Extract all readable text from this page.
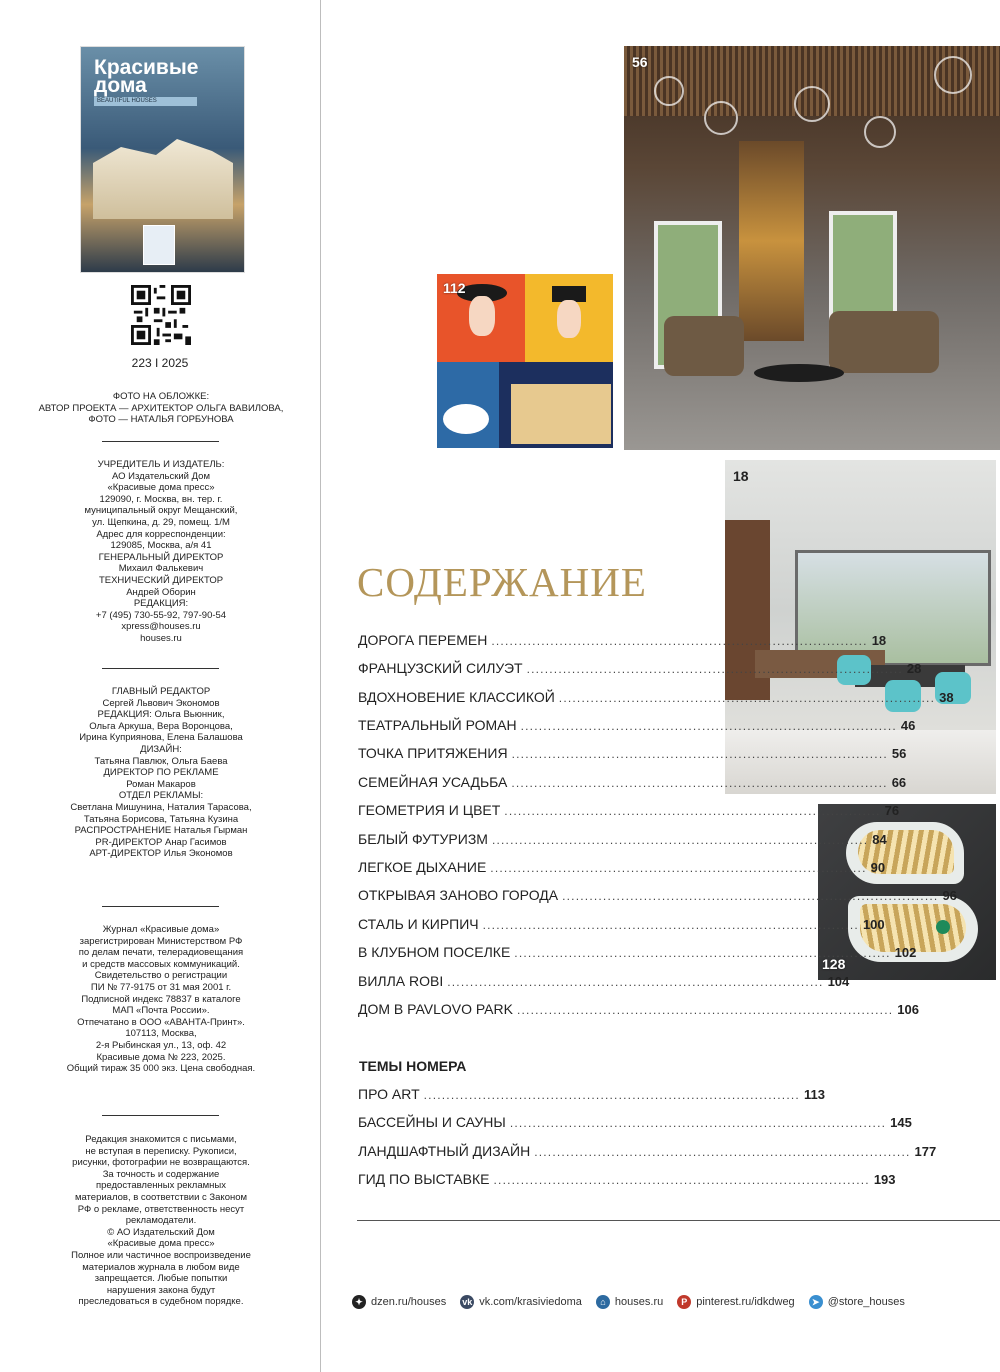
Красивые
дома
BEAUTIFUL HOUSES
223 I 2025

ФОТО НА ОБЛОЖКЕ:

АВТОР ПРОЕКТА — АРХИТЕКТОР ОЛЬГА ВАВИЛОВА,

ФОТО — НАТАЛЬЯ ГОРБУНОВА

УЧРЕДИТЕЛЬ И ИЗДАТЕЛЬ:

АО Издательский Дом

«Красивые дома пресс»

129090, г. Москва, вн. тер. г.

муниципальный округ Мещанский,

ул. Щепкина, д. 29, помещ. 1/М

Адрес для корреспонденции:

129085, Москва, а/я 41

ГЕНЕРАЛЬНЫЙ ДИРЕКТОР

Михаил Фалькевич

ТЕХНИЧЕСКИЙ ДИРЕКТОР

Андрей Оборин

РЕДАКЦИЯ:

+7 (495) 730-55-92, 797-90-54

xpress@houses.ru

houses.ru

ГЛАВНЫЙ РЕДАКТОР

Сергей Львович Экономов

РЕДАКЦИЯ: Ольга Вьюнник,

Ольга Аркуша, Вера Воронцова,

Ирина Куприянова, Елена Балашова

ДИЗАЙН:

Татьяна Павлюк, Ольга Баева

ДИРЕКТОР ПО РЕКЛАМЕ

Роман Макаров

ОТДЕЛ РЕКЛАМЫ:

Светлана Мишунина, Наталия Тарасова,

Татьяна Борисова, Татьяна Кузина

РАСПРОСТРАНЕНИЕ Наталья Гырман

PR-ДИРЕКТОР Анар Гасимов

АРТ-ДИРЕКТОР Илья Экономов

Журнал «Красивые дома»

зарегистрирован Министерством РФ

по делам печати, телерадиовещания

и средств массовых коммуникаций.

Свидетельство о регистрации

ПИ № 77-9175 от 31 мая 2001 г.

Подписной индекс 78837 в каталоге

МАП «Почта России».

Отпечатано в ООО «АВАНТА-Принт».

107113, Москва,

2-я Рыбинская ул., 13, оф. 42

Красивые дома № 223, 2025.

Общий тираж 35 000 экз. Цена свободная.

Редакция знакомится с письмами,

не вступая в переписку. Рукописи,

рисунки, фотографии не возвращаются.

За точность и содержание

предоставленных рекламных

материалов, в соответствии с Законом

РФ о рекламе, ответственность несут

рекламодатели.

© АО Издательский Дом

«Красивые дома пресс»

Полное или частичное воспроизведение

материалов журнала в любом виде

запрещается. Любые попытки

нарушения закона будут

преследоваться в судебном порядке.

56
112
18
128
СОДЕРЖАНИЕ
ДОРОГА ПЕРЕМЕН ................................................................................... 18
ФРАНЦУЗСКИЙ СИЛУЭТ ................................................................................... 28
ВДОХНОВЕНИЕ КЛАССИКОЙ ................................................................................... 38
ТЕАТРАЛЬНЫЙ РОМАН ................................................................................... 46
ТОЧКА ПРИТЯЖЕНИЯ ................................................................................... 56
СЕМЕЙНАЯ УСАДЬБА ................................................................................... 66
ГЕОМЕТРИЯ И ЦВЕТ ................................................................................... 76
БЕЛЫЙ ФУТУРИЗМ ................................................................................... 84
ЛЕГКОЕ ДЫХАНИЕ ................................................................................... 90
ОТКРЫВАЯ ЗАНОВО ГОРОДА ................................................................................... 96
СТАЛЬ И КИРПИЧ ................................................................................... 100
В КЛУБНОМ ПОСЕЛКЕ ................................................................................... 102
ВИЛЛА ROBI ................................................................................... 104
ДОМ В PAVLOVO PARK ................................................................................... 106
ТЕМЫ НОМЕРА
ПРО ART ................................................................................... 113
БАССЕЙНЫ И САУНЫ ................................................................................... 145
ЛАНДШАФТНЫЙ ДИЗАЙН ................................................................................... 177
ГИД ПО ВЫСТАВКЕ ................................................................................... 193
✦ dzen.ru/houses vk vk.com/krasiviedoma	⌂ houses.ru	P pinterest.ru/idkdweg	➤ @store_houses
